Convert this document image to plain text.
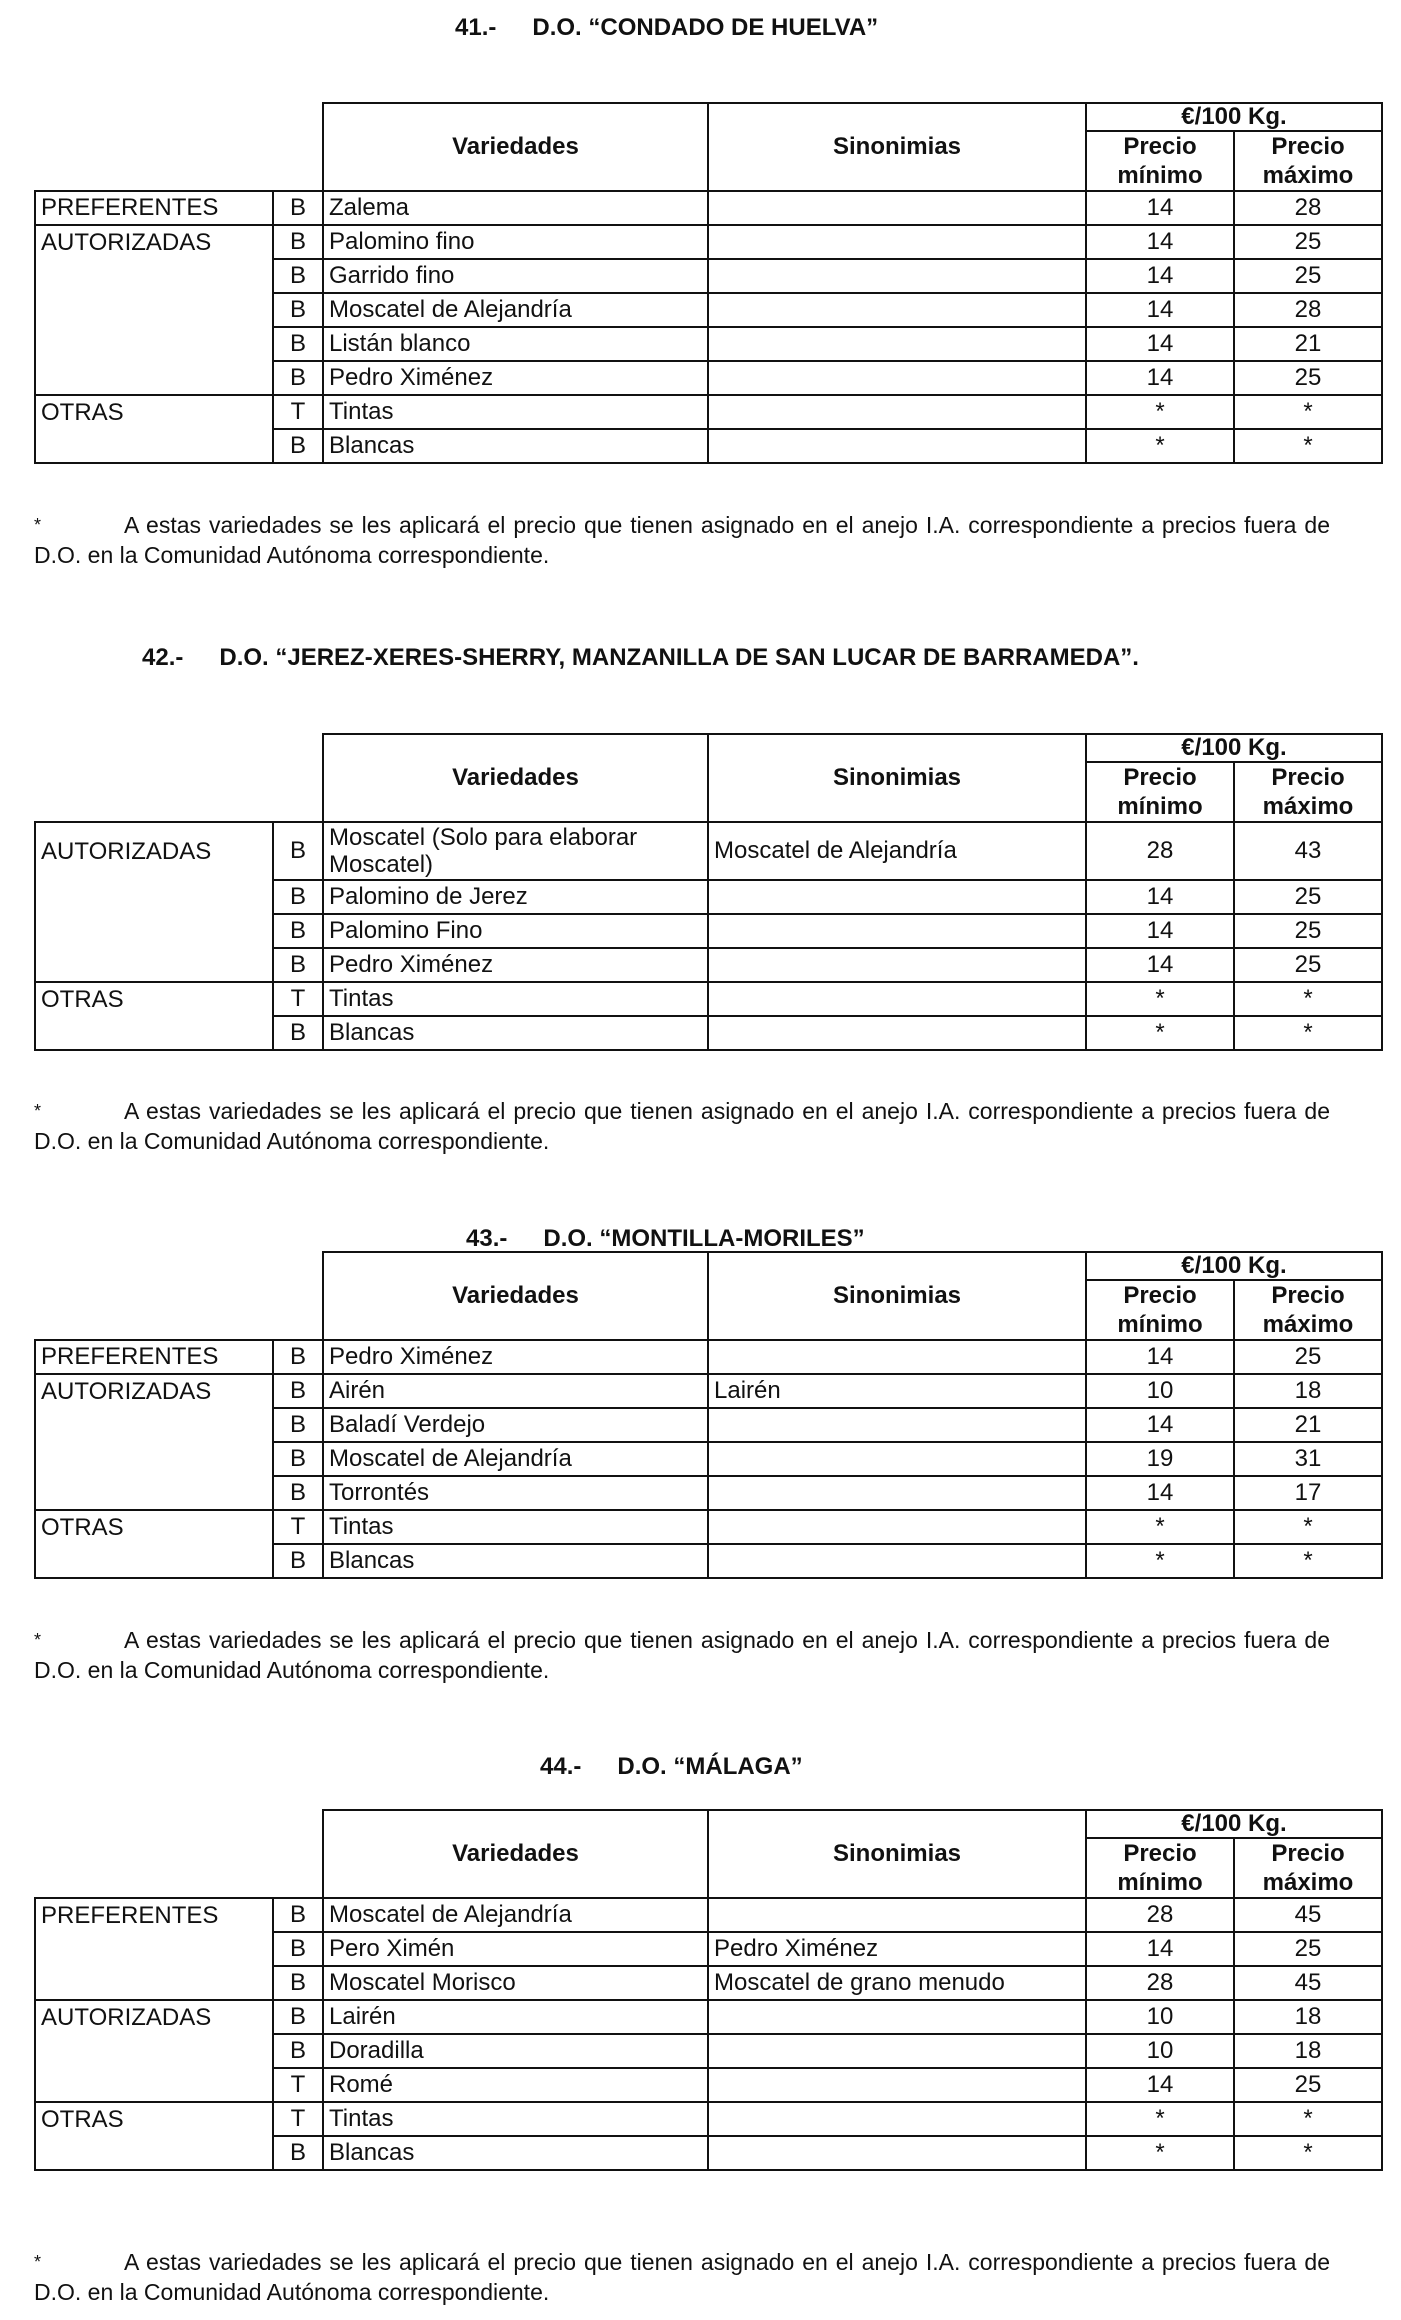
41.- D.O. “CONDADO DE HUELVA”
		Variedades	Sinonimias	€/100 Kg.	
				Precio mínimo	Precio máximo
PREFERENTES	B	Zalema		14	28
AUTORIZADAS	B	Palomino fino		14	25
	B	Garrido fino		14	25
	B	Moscatel de Alejandría		14	28
	B	Listán blanco		14	21
	B	Pedro Ximénez		14	25
OTRAS	T	Tintas		*	*
	B	Blancas		*	*
*	A estas variedades se les aplicará el precio que tienen asignado en el anejo I.A. correspondiente a precios fuera de D.O. en la Comunidad Autónoma correspondiente.
42.- D.O. “JEREZ-XERES-SHERRY, MANZANILLA DE SAN LUCAR DE BARRAMEDA”.
		Variedades	Sinonimias	€/100 Kg.	
				Precio mínimo	Precio máximo
AUTORIZADAS	B	Moscatel (Solo para elaborar Moscatel)	Moscatel de Alejandría	28	43
	B	Palomino de Jerez		14	25
	B	Palomino Fino		14	25
	B	Pedro Ximénez		14	25
OTRAS	T	Tintas		*	*
	B	Blancas		*	*
*	A estas variedades se les aplicará el precio que tienen asignado en el anejo I.A. correspondiente a precios fuera de D.O. en la Comunidad Autónoma correspondiente.
43.- D.O. “MONTILLA-MORILES”
		Variedades	Sinonimias	€/100 Kg.	
				Precio mínimo	Precio máximo
PREFERENTES	B	Pedro Ximénez		14	25
AUTORIZADAS	B	Airén	Lairén	10	18
	B	Baladí Verdejo		14	21
	B	Moscatel de Alejandría		19	31
	B	Torrontés		14	17
OTRAS	T	Tintas		*	*
	B	Blancas		*	*
*	A estas variedades se les aplicará el precio que tienen asignado en el anejo I.A. correspondiente a precios fuera de D.O. en la Comunidad Autónoma correspondiente.
44.- D.O. “MÁLAGA”
		Variedades	Sinonimias	€/100 Kg.	
				Precio mínimo	Precio máximo
PREFERENTES	B	Moscatel de Alejandría		28	45
	B	Pero Ximén	Pedro Ximénez	14	25
	B	Moscatel Morisco	Moscatel de grano menudo	28	45
AUTORIZADAS	B	Lairén		10	18
	B	Doradilla		10	18
	T	Romé		14	25
OTRAS	T	Tintas		*	*
	B	Blancas		*	*
*	A estas variedades se les aplicará el precio que tienen asignado en el anejo I.A. correspondiente a precios fuera de D.O. en la Comunidad Autónoma correspondiente.
